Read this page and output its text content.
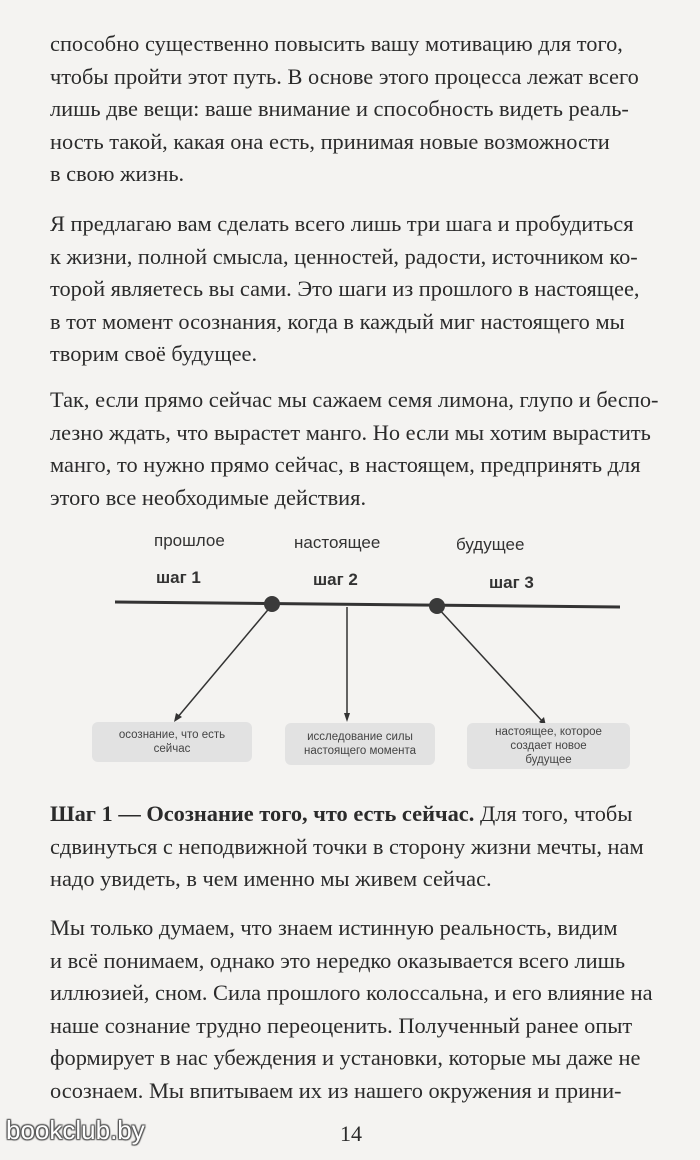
способно существенно повысить вашу мотивацию для того,
чтобы пройти этот путь. В основе этого процесса лежат всего
лишь две вещи: ваше внимание и способность видеть реаль-
ность такой, какая она есть, принимая новые возможности
в свою жизнь.
Я предлагаю вам сделать всего лишь три шага и пробудиться
к жизни, полной смысла, ценностей, радости, источником ко-
торой являетесь вы сами. Это шаги из прошлого в настоящее,
в тот момент осознания, когда в каждый миг настоящего мы
творим своё будущее.
Так, если прямо сейчас мы сажаем семя лимона, глупо и беспо-
лезно ждать, что вырастет манго. Но если мы хотим вырастить
манго, то нужно прямо сейчас, в настоящем, предпринять для
этого все необходимые действия.
прошлое	настоящее	будущее
шаг 1	шаг 2	шаг 3
осознание, что есть
сейчас
исследование силы
настоящего момента
настоящее, которое
создает новое
будущее
Шаг 1 — Осознание того, что есть сейчас. Для того, чтобы
сдвинуться с неподвижной точки в сторону жизни мечты, нам
надо увидеть, в чем именно мы живем сейчас.
Мы только думаем, что знаем истинную реальность, видим
и всё понимаем, однако это нередко оказывается всего лишь
иллюзией, сном. Сила прошлого колоссальна, и его влияние на
наше сознание трудно переоценить. Полученный ранее опыт
формирует в нас убеждения и установки, которые мы даже не
осознаем. Мы впитываем их из нашего окружения и прини-
bookclub.by	14
